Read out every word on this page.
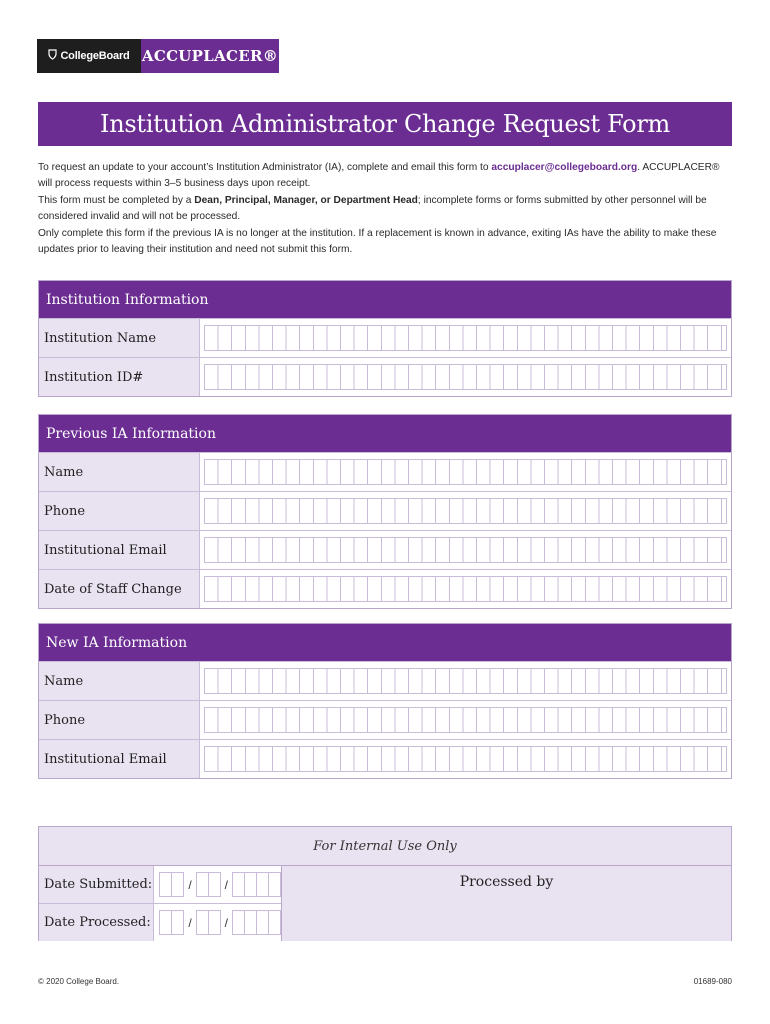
CollegeBoard ACCUPLACER®
Institution Administrator Change Request Form

To request an update to your account’s Institution Administrator (IA), complete and email this form to accuplacer@collegeboard.org. ACCUPLACER® will process requests within 3–5 business days upon receipt.

This form must be completed by a Dean, Principal, Manager, or Department Head; incomplete forms or forms submitted by other personnel will be considered invalid and will not be processed.

Only complete this form if the previous IA is no longer at the institution. If a replacement is known in advance, exiting IAs have the ability to make these updates prior to leaving their institution and need not submit this form.

Institution Information
Institution Name
Institution ID#
Previous IA Information
Name
Phone
Institutional Email
Date of Staff Change
New IA Information
Name
Phone
Institutional Email
For Internal Use Only
Date Submitted:	/	/
Date Processed:	/	/
Processed by
© 2020 College Board.	01689-080
